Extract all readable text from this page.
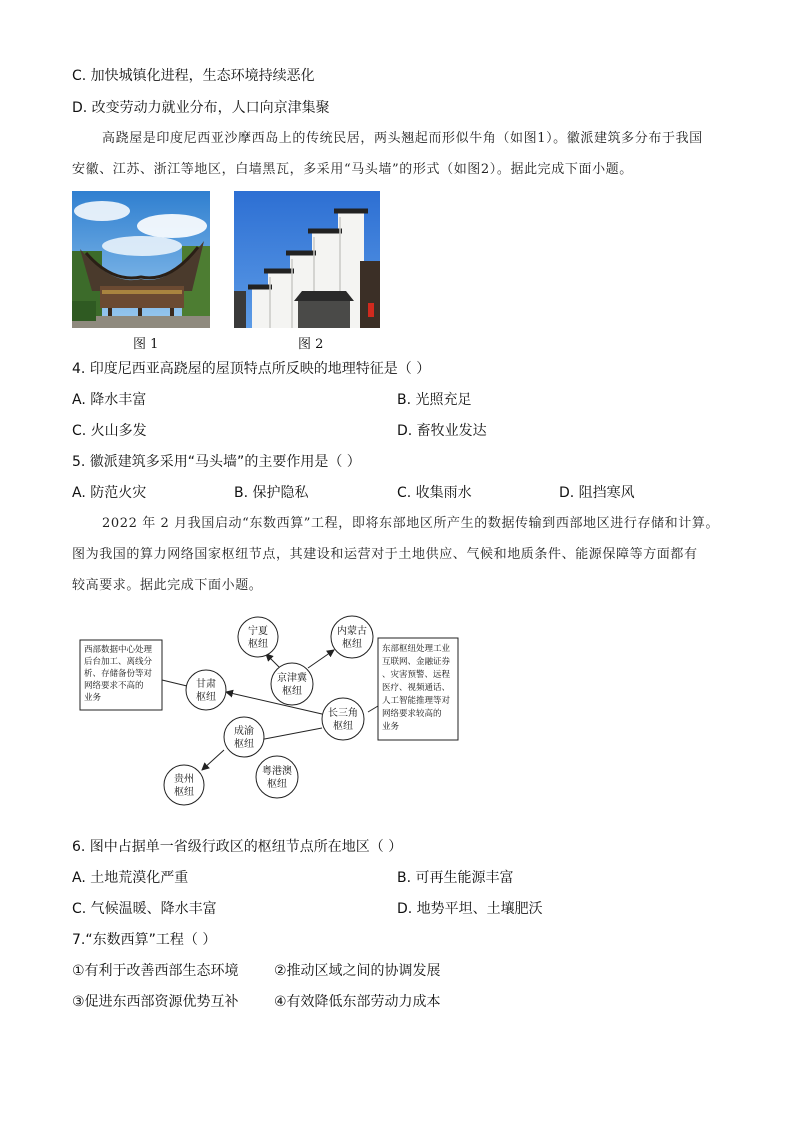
C. 加快城镇化进程，生态环境持续恶化
D. 改变劳动力就业分布，人口向京津集聚
高跷屋是印度尼西亚沙摩西岛上的传统民居，两头翘起而形似牛角（如图1）。徽派建筑多分布于我国
安徽、江苏、浙江等地区，白墙黑瓦，多采用“马头墙”的形式（如图2）。据此完成下面小题。
图 1	图 2
4. 印度尼西亚高跷屋的屋顶特点所反映的地理特征是（ ）
A. 降水丰富	B. 光照充足
C. 火山多发	D. 畜牧业发达
5. 徽派建筑多采用“马头墙”的主要作用是（ ）
A. 防范火灾	B. 保护隐私	C. 收集雨水	D. 阻挡寒风
2022 年 2 月我国启动“东数西算”工程，即将东部地区所产生的数据传输到西部地区进行存储和计算。
图为我国的算力网络国家枢纽节点，其建设和运营对于土地供应、气候和地质条件、能源保障等方面都有
较高要求。据此完成下面小题。
西部数据中心处理 后台加工、离线分 析、存储备份等对 网络要求不高的 业务
东部枢纽处理工业 互联网、金融证券 、灾害预警、远程 医疗、视频通话、 人工智能推理等对 网络要求较高的 业务
宁夏
枢纽
内蒙古
枢纽
京津冀
枢纽
甘肃
枢纽
长三角
枢纽
成渝
枢纽
贵州
枢纽
粤港澳
枢纽
6. 图中占据单一省级行政区的枢纽节点所在地区（ ）
A. 土地荒漠化严重	B. 可再生能源丰富
C. 气候温暖、降水丰富	D. 地势平坦、土壤肥沃
7.“东数西算”工程（ ）
①有利于改善西部生态环境	②推动区域之间的协调发展
③促进东西部资源优势互补	④有效降低东部劳动力成本
